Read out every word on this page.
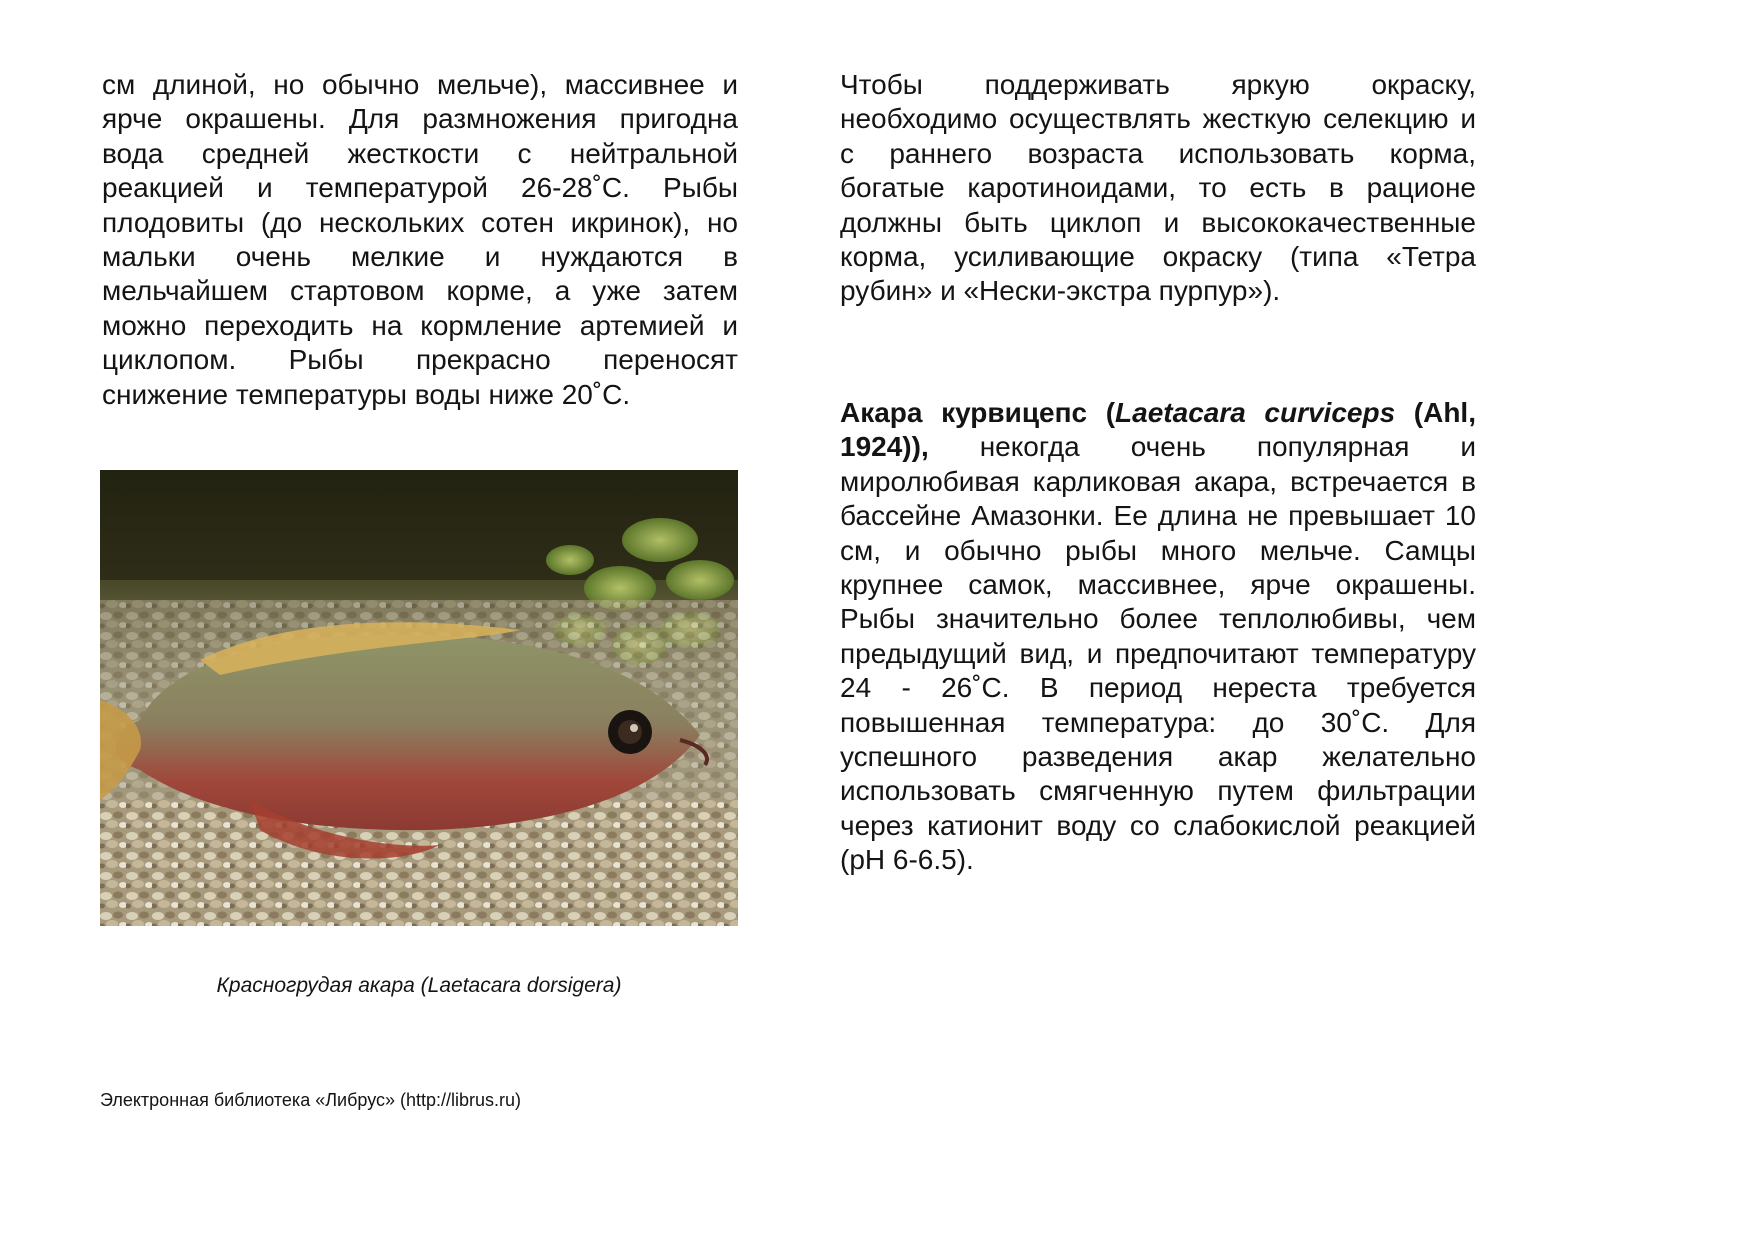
см длиной, но обычно мельче), массивнее и ярче окрашены. Для размножения пригодна вода средней жесткости с нейтральной реакцией и температурой 26-28˚С. Рыбы плодовиты (до нескольких сотен икринок), но мальки очень мелкие и нуждаются в мельчайшем стартовом корме, а уже затем можно переходить на кормление артемией и циклопом. Рыбы прекрасно переносят снижение температуры воды ниже 20˚С.

Красногрудая акара (Laetacara dorsigera)

Чтобы поддерживать яркую окраску, необходимо осуществлять жесткую селекцию и с раннего возраста использовать корма, богатые каротиноидами, то есть в рационе должны быть циклоп и высококачественные корма, усиливающие окраску (типа «Тетра рубин» и «Нески-экстра пурпур»).

Акара курвицепс (Laetacara curviceps (Ahl, 1924)), некогда очень популярная и миролюбивая карликовая акара, встречается в бассейне Амазонки. Ее длина не превышает 10 см, и обычно рыбы много мельче. Самцы крупнее самок, массивнее, ярче окрашены. Рыбы значительно более теплолюбивы, чем предыдущий вид, и предпочитают температуру 24 - 26˚С. В период нереста требуется повышенная температура: до 30˚С. Для успешного разведения акар желательно использовать смягченную путем фильтрации через катионит воду со слабокислой реакцией (рН 6-6.5).

Электронная библиотека «Либрус» (http://librus.ru)
